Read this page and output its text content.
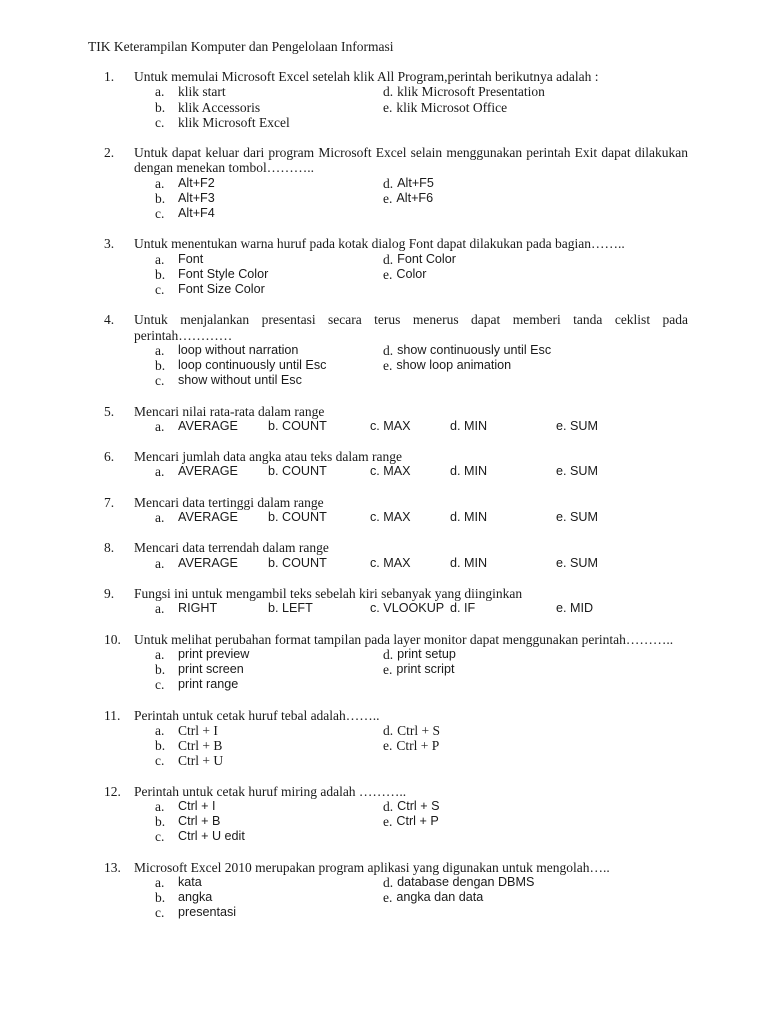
TIK Keterampilan Komputer dan Pengelolaan Informasi
1.	Untuk memulai Microsoft Excel setelah klik All Program,perintah berikutnya adalah :
a.	klik start	d. klik Microsoft Presentation
b. klik Accessoris	e. klik Microsot Office
c.	klik Microsoft Excel
2.	Untuk dapat keluar dari program Microsoft Excel selain menggunakan perintah Exit dapat dilakukan dengan menekan tombol………..
a.	Alt+F2	d. Alt+F5
b.	Alt+F3	e. Alt+F6
c.	Alt+F4
3.	Untuk menentukan warna huruf pada kotak dialog Font dapat dilakukan pada bagian……..
a.	Font	d. Font Color
b.	Font Style Color	e. Color
c.	Font Size Color
4.	Untuk menjalankan presentasi secara terus menerus dapat memberi tanda ceklist pada perintah…………
a.	loop without narration	d. show continuously until Esc
b.	loop continuously until Esc	e. show loop animation
c.	show without until Esc
5.	Mencari nilai rata-rata dalam range
a.	AVERAGE	b. COUNT	c. MAX	d. MIN	e. SUM
6.	Mencari jumlah data angka atau teks dalam range
a.	AVERAGE	b. COUNT	c. MAX	d. MIN	e. SUM
7.	Mencari data tertinggi dalam range
a.	AVERAGE	b. COUNT	c. MAX	d. MIN	e. SUM
8.	Mencari data terrendah dalam range
a.	AVERAGE	b. COUNT	c. MAX	d. MIN	e. SUM
9.	Fungsi ini untuk mengambil teks sebelah kiri sebanyak yang diinginkan
a.	RIGHT	b. LEFT	c. VLOOKUP d. IF	e. MID
10. Untuk melihat perubahan format tampilan pada layer monitor dapat menggunakan perintah………..
a.	print preview	d. print setup
b.	print screen	e. print script
c.	print range
11.	Perintah untuk cetak huruf tebal adalah……..
a.	Ctrl + I	d. Ctrl + S
b. Ctrl + B	e. Ctrl + P
c.	Ctrl + U
12. Perintah untuk cetak huruf miring adalah ………..
a.	Ctrl + I	d. Ctrl + S
b.	Ctrl + B	e. Ctrl + P
c.	Ctrl + U edit
13. Microsoft Excel 2010 merupakan program aplikasi yang digunakan untuk mengolah…..
a.	kata	d. database dengan DBMS
b.	angka	e. angka dan data
c.	presentasi
